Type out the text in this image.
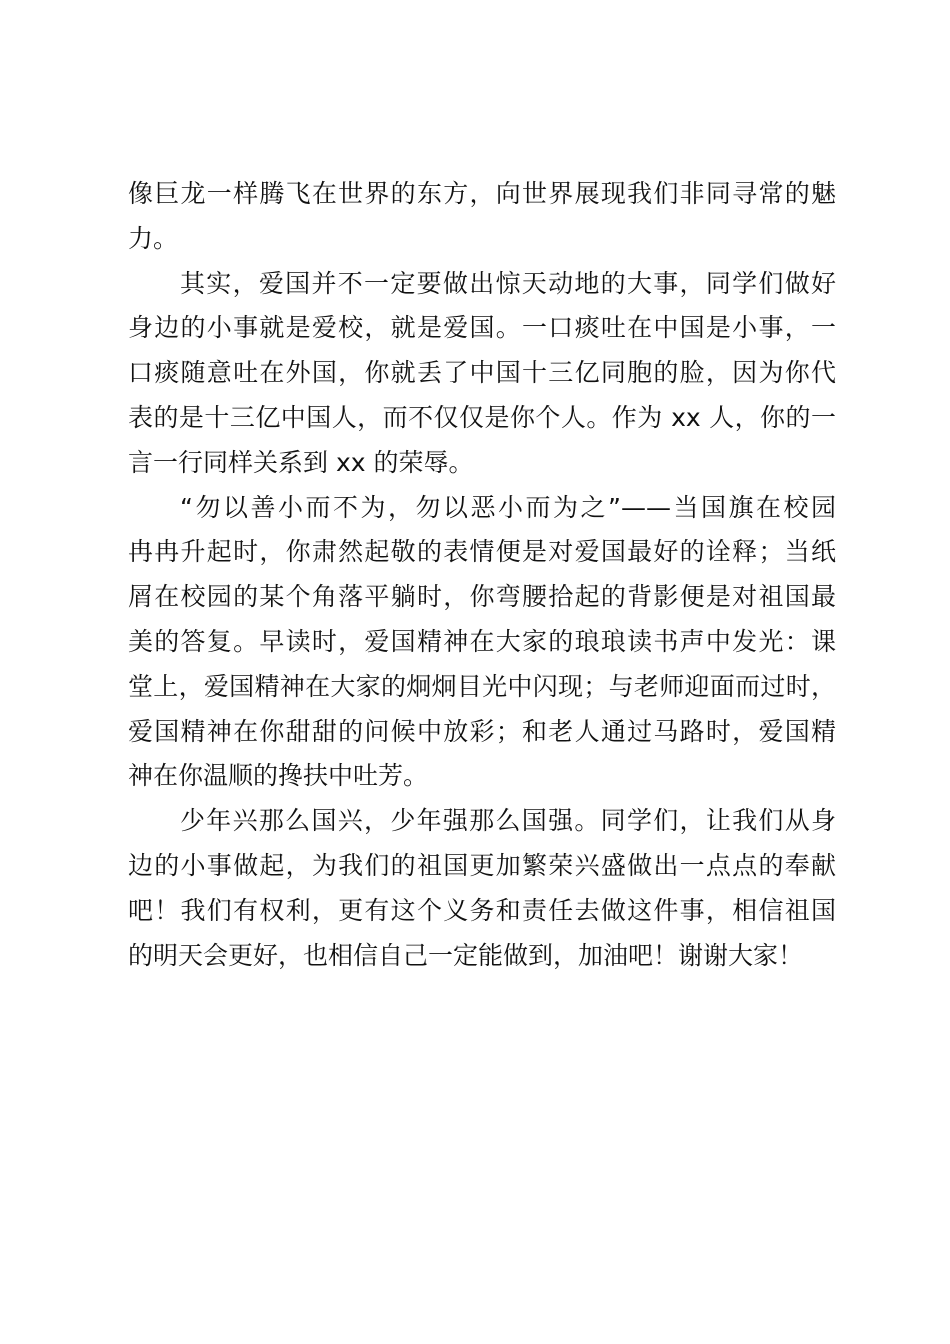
像巨龙一样腾飞在世界的东方，向世界展现我们非同寻常的魅
力。
其实，爱国并不一定要做出惊天动地的大事，同学们做好
身边的小事就是爱校，就是爱国。一口痰吐在中国是小事，一
口痰随意吐在外国，你就丢了中国十三亿同胞的脸，因为你代
表的是十三亿中国人，而不仅仅是你个人。作为 xx 人，你的一
言一行同样关系到 xx 的荣辱。
“勿以善小而不为，勿以恶小而为之”——当国旗在校园
冉冉升起时，你肃然起敬的表情便是对爱国最好的诠释；当纸
屑在校园的某个角落平躺时，你弯腰拾起的背影便是对祖国最
美的答复。早读时，爱国精神在大家的琅琅读书声中发光：课
堂上，爱国精神在大家的炯炯目光中闪现；与老师迎面而过时，
爱国精神在你甜甜的问候中放彩；和老人通过马路时，爱国精
神在你温顺的搀扶中吐芳。
少年兴那么国兴，少年强那么国强。同学们，让我们从身
边的小事做起，为我们的祖国更加繁荣兴盛做出一点点的奉献
吧！我们有权利，更有这个义务和责任去做这件事，相信祖国
的明天会更好，也相信自己一定能做到，加油吧！谢谢大家！
